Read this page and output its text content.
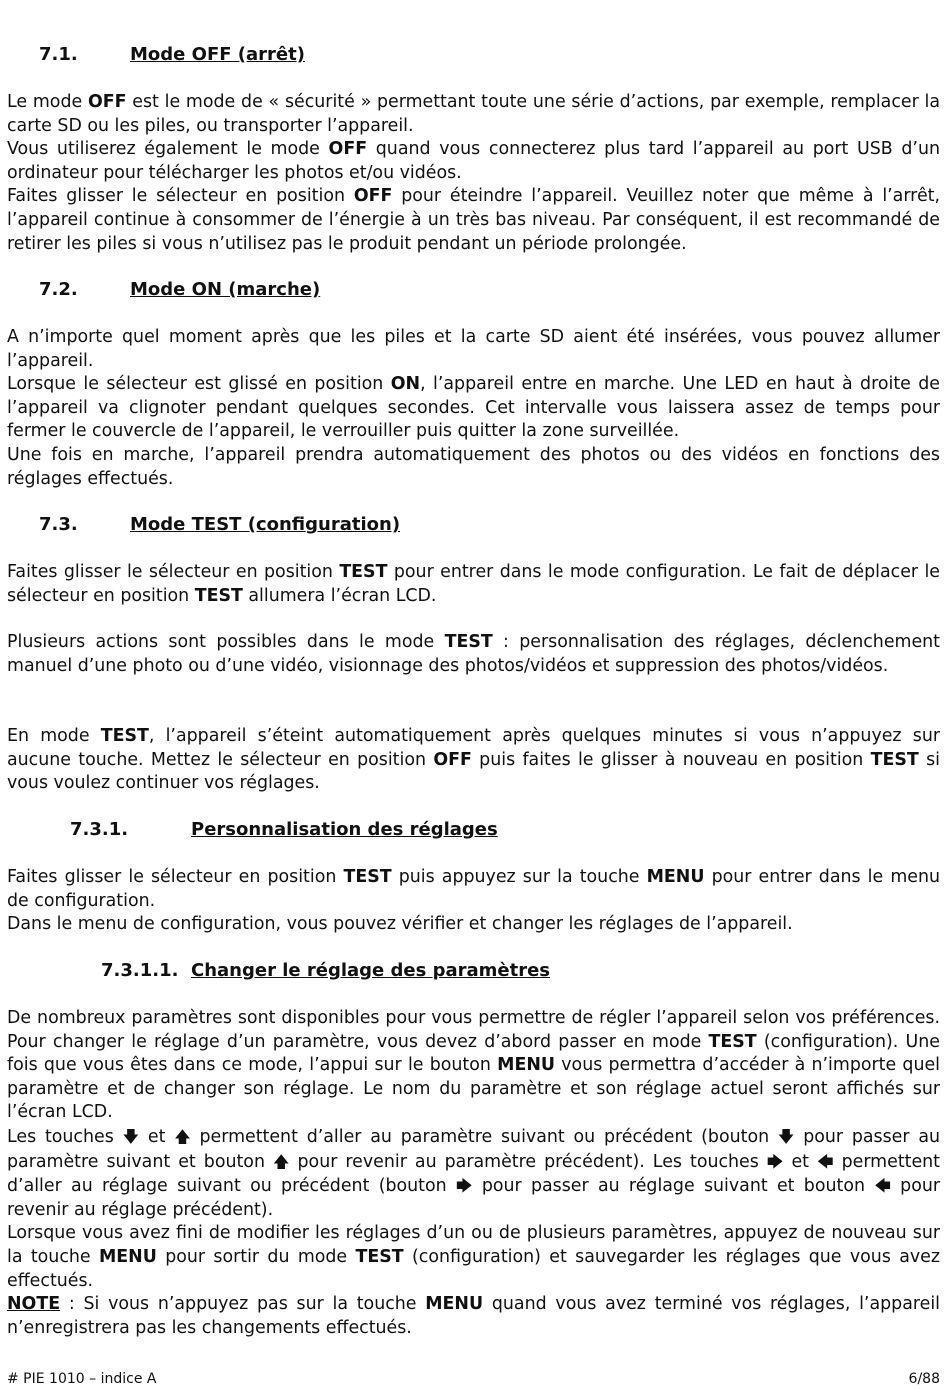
7.1.	Mode OFF (arrêt)

Le mode OFF est le mode de « sécurité » permettant toute une série d’actions, par exemple, remplacer la carte SD ou les piles, ou transporter l’appareil.

Vous utiliserez également le mode OFF quand vous connecterez plus tard l’appareil au port USB d’un ordinateur pour télécharger les photos et/ou vidéos.

Faites glisser le sélecteur en position OFF pour éteindre l’appareil. Veuillez noter que même à l’arrêt, l’appareil continue à consommer de l’énergie à un très bas niveau. Par conséquent, il est recommandé de retirer les piles si vous n’utilisez pas le produit pendant un période prolongée.

7.2.	Mode ON (marche)

A n’importe quel moment après que les piles et la carte SD aient été insérées, vous pouvez allumer l’appareil.

Lorsque le sélecteur est glissé en position ON, l’appareil entre en marche. Une LED en haut à droite de l’appareil va clignoter pendant quelques secondes. Cet intervalle vous laissera assez de temps pour fermer le couvercle de l’appareil, le verrouiller puis quitter la zone surveillée.

Une fois en marche, l’appareil prendra automatiquement des photos ou des vidéos en fonctions des réglages effectués.

7.3.	Mode TEST (configuration)

Faites glisser le sélecteur en position TEST pour entrer dans le mode configuration. Le fait de déplacer le sélecteur en position TEST allumera l’écran LCD.

Plusieurs actions sont possibles dans le mode TEST : personnalisation des réglages, déclenchement manuel d’une photo ou d’une vidéo, visionnage des photos/vidéos et suppression des photos/vidéos.

En mode TEST, l’appareil s’éteint automatiquement après quelques minutes si vous n’appuyez sur aucune touche. Mettez le sélecteur en position OFF puis faites le glisser à nouveau en position TEST si vous voulez continuer vos réglages.

7.3.1.	Personnalisation des réglages

Faites glisser le sélecteur en position TEST puis appuyez sur la touche MENU pour entrer dans le menu de configuration.

Dans le menu de configuration, vous pouvez vérifier et changer les réglages de l’appareil.

7.3.1.1. Changer le réglage des paramètres

De nombreux paramètres sont disponibles pour vous permettre de régler l’appareil selon vos préférences. Pour changer le réglage d’un paramètre, vous devez d’abord passer en mode TEST (configuration). Une fois que vous êtes dans ce mode, l’appui sur le bouton MENU vous permettra d’accéder à n’importe quel paramètre et de changer son réglage. Le nom du paramètre et son réglage actuel seront affichés sur l’écran LCD.

Les touches 🡇 et 🡅 permettent d’aller au paramètre suivant ou précédent (bouton 🡇 pour passer au paramètre suivant et bouton 🡅 pour revenir au paramètre précédent). Les touches 🡆 et 🡄 permettent d’aller au réglage suivant ou précédent (bouton 🡆 pour passer au réglage suivant et bouton 🡄 pour revenir au réglage précédent).

Lorsque vous avez fini de modifier les réglages d’un ou de plusieurs paramètres, appuyez de nouveau sur la touche MENU pour sortir du mode TEST (configuration) et sauvegarder les réglages que vous avez effectués.

NOTE : Si vous n’appuyez pas sur la touche MENU quand vous avez terminé vos réglages, l’appareil n’enregistrera pas les changements effectués.

# PIE 1010 – indice A	6/88
